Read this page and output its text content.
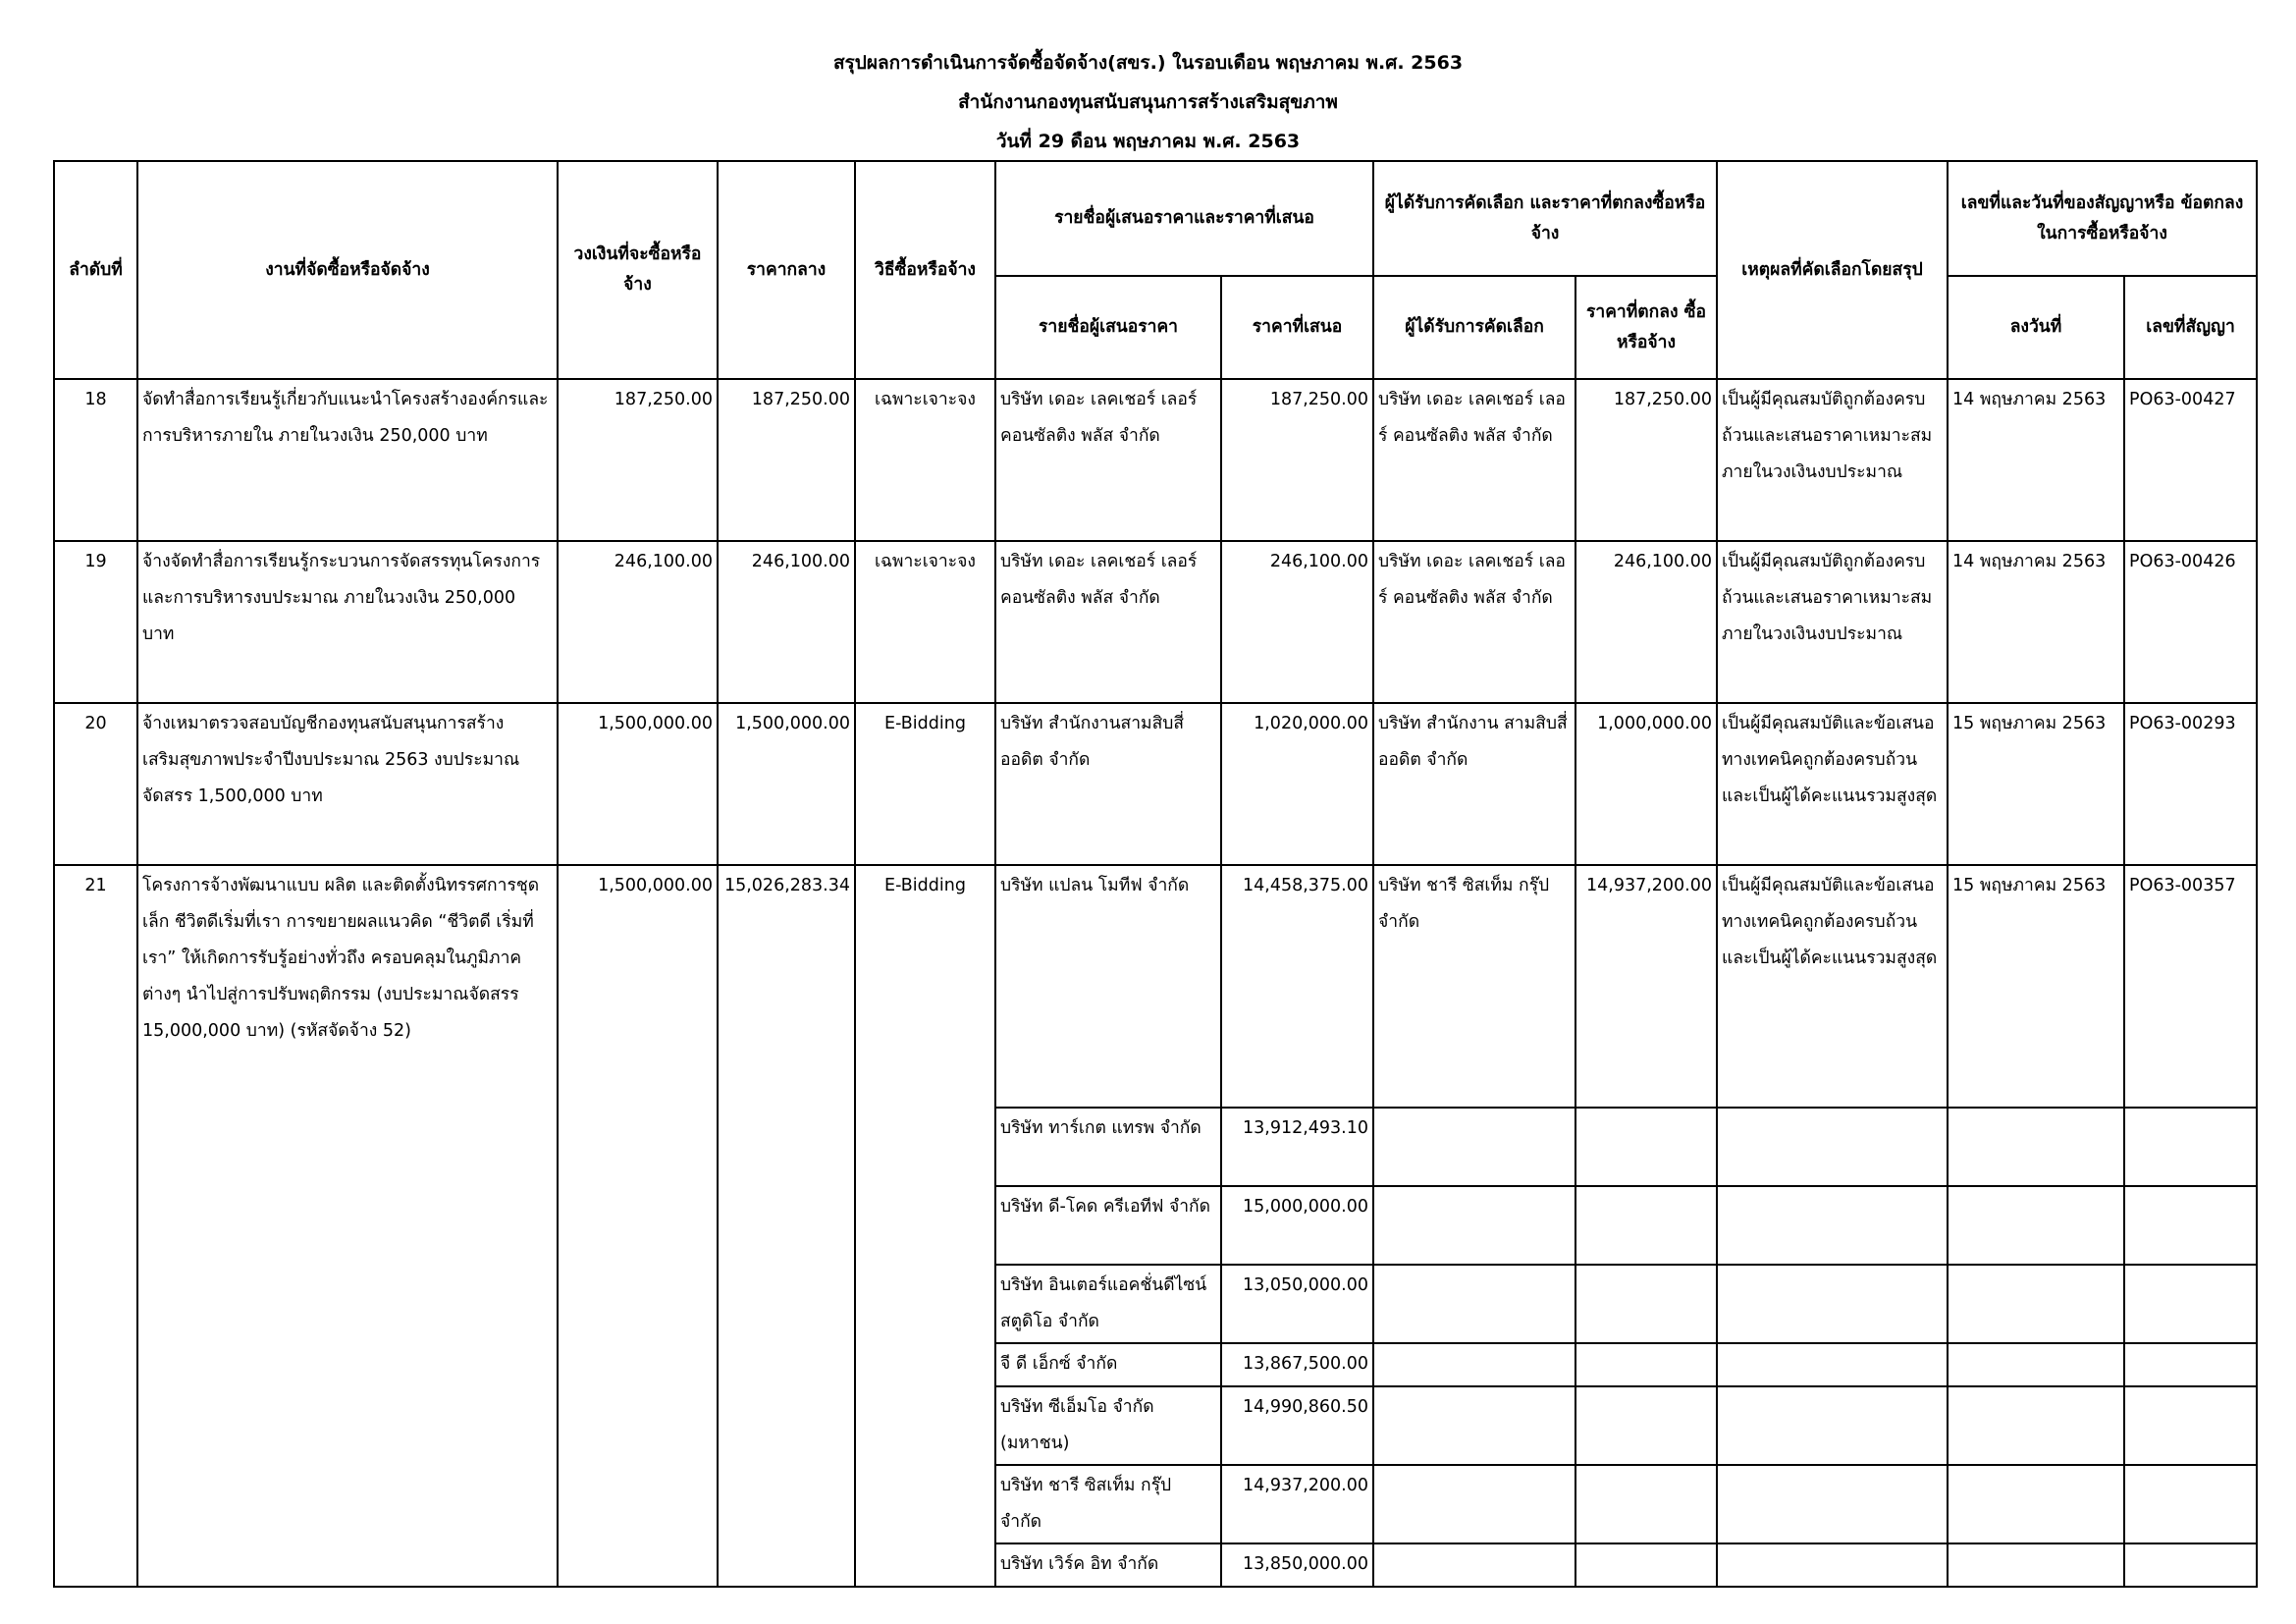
สรุปผลการดำเนินการจัดซื้อจัดจ้าง(สขร.) ในรอบเดือน พฤษภาคม พ.ศ. 2563
สำนักงานกองทุนสนับสนุนการสร้างเสริมสุขภาพ
วันที่ 29 ดือน พฤษภาคม พ.ศ. 2563
ลำดับที่	งานที่จัดซื้อหรือจัดจ้าง	วงเงินที่จะซื้อหรือจ้าง	ราคากลาง	วิธีซื้อหรือจ้าง	รายชื่อผู้เสนอราคาและราคาที่เสนอ		ผู้ได้รับการคัดเลือก และราคาที่ตกลงซื้อหรือจ้าง		เหตุผลที่คัดเลือกโดยสรุป	เลขที่และวันที่ของสัญญาหรือ ข้อตกลงในการซื้อหรือจ้าง	
					รายชื่อผู้เสนอราคา	ราคาที่เสนอ	ผู้ได้รับการคัดเลือก	ราคาที่ตกลง ซื้อหรือจ้าง		ลงวันที่	เลขที่สัญญา
18	จัดทำสื่อการเรียนรู้เกี่ยวกับแนะนำโครงสร้างองค์กรและการบริหารภายใน ภายในวงเงิน 250,000 บาท	187,250.00	187,250.00	เฉพาะเจาะจง	บริษัท เดอะ เลคเชอร์ เลอร์ คอนซัลติง พลัส จำกัด	187,250.00	บริษัท เดอะ เลคเชอร์ เลอร์ คอนซัลติง พลัส จำกัด	187,250.00	เป็นผู้มีคุณสมบัติถูกต้องครบถ้วนและเสนอราคาเหมาะสมภายในวงเงินงบประมาณ	14 พฤษภาคม 2563	PO63-00427
19	จ้างจัดทำสื่อการเรียนรู้กระบวนการจัดสรรทุนโครงการ และการบริหารงบประมาณ ภายในวงเงิน 250,000 บาท	246,100.00	246,100.00	เฉพาะเจาะจง	บริษัท เดอะ เลคเชอร์ เลอร์ คอนซัลติง พลัส จำกัด	246,100.00	บริษัท เดอะ เลคเชอร์ เลอร์ คอนซัลติง พลัส จำกัด	246,100.00	เป็นผู้มีคุณสมบัติถูกต้องครบถ้วนและเสนอราคาเหมาะสมภายในวงเงินงบประมาณ	14 พฤษภาคม 2563	PO63-00426
20	จ้างเหมาตรวจสอบบัญชีกองทุนสนับสนุนการสร้างเสริมสุขภาพประจำปีงบประมาณ 2563 งบประมาณจัดสรร 1,500,000 บาท	1,500,000.00	1,500,000.00	E-Bidding	บริษัท สำนักงานสามสิบสี่ ออดิต จำกัด	1,020,000.00	บริษัท สำนักงาน สามสิบสี่ ออดิต จำกัด	1,000,000.00	เป็นผู้มีคุณสมบัติและข้อเสนอทางเทคนิคถูกต้องครบถ้วนและเป็นผู้ได้คะแนนรวมสูงสุด	15 พฤษภาคม 2563	PO63-00293
21	โครงการจ้างพัฒนาแบบ ผลิต และติดตั้งนิทรรศการชุดเล็ก ชีวิตดีเริ่มที่เรา การขยายผลแนวคิด “ชีวิตดี เริ่มที่เรา” ให้เกิดการรับรู้อย่างทั่วถึง ครอบคลุมในภูมิภาคต่างๆ นำไปสู่การปรับพฤติกรรม (งบประมาณจัดสรร 15,000,000 บาท) (รหัสจัดจ้าง 52)	1,500,000.00	15,026,283.34	E-Bidding	บริษัท แปลน โมทีฟ จำกัด	14,458,375.00	บริษัท ชารี ซิสเท็ม กรุ๊ป จำกัด	14,937,200.00	เป็นผู้มีคุณสมบัติและข้อเสนอทางเทคนิคถูกต้องครบถ้วนและเป็นผู้ได้คะแนนรวมสูงสุด	15 พฤษภาคม 2563	PO63-00357
					บริษัท ทาร์เกต แทรพ จำกัด	13,912,493.10					
					บริษัท ดี-โคด ครีเอทีฟ จำกัด	15,000,000.00					
					บริษัท อินเตอร์แอคชั่นดีไซน์สตูดิโอ จำกัด	13,050,000.00					
					จี ดี เอ็กซ์ จำกัด	13,867,500.00					
					บริษัท ซีเอ็มโอ จำกัด (มหาชน)	14,990,860.50					
					บริษัท ชารี ซิสเท็ม กรุ๊ป จำกัด	14,937,200.00					
					บริษัท เวิร์ค อิท จำกัด	13,850,000.00					
